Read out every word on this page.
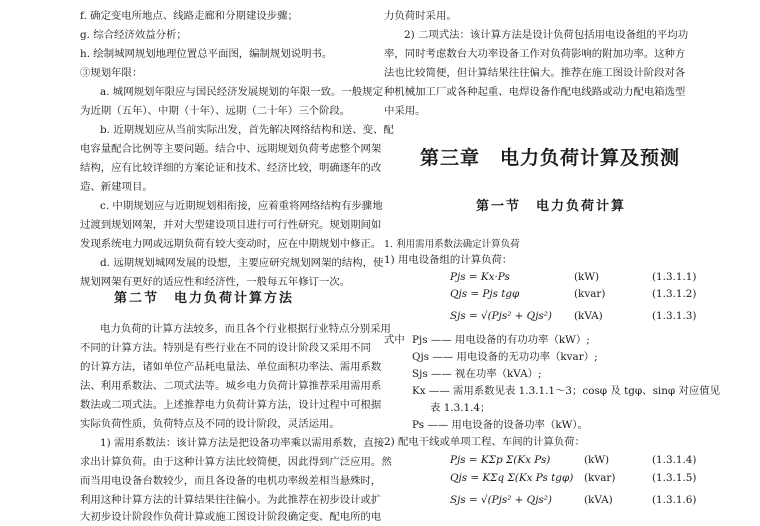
f. 确定变电所地点、线路走廊和分期建设步骤；
g. 综合经济效益分析；
h. 绘制城网规划地理位置总平面图，编制规划说明书。
③规划年限：
a. 城网规划年限应与国民经济发展规划的年限一致。一般规定
为近期（五年）、中期（十年）、远期（二十年）三个阶段。
b. 近期规划应从当前实际出发，首先解决网络结构和送、变、配
电容量配合比例等主要问题。结合中、远期规划负荷考虑整个网架
结构，应有比较详细的方案论证和技术、经济比较，明确逐年的改
造、新建项目。
c. 中期规划应与近期规划相衔接，应着重将网络结构有步骤地
过渡到规划网架，并对大型建设项目进行可行性研究。规划期间如
发现系统电力网或远期负荷有较大变动时，应在中期规划中修正。
d. 远期规划城网发展的设想，主要应研究规划网架的结构，使
规划网架有更好的适应性和经济性，一般每五年修订一次。
第二节　电力负荷计算方法
电力负荷的计算方法较多，而且各个行业根据行业特点分别采用
不同的计算方法。特别是有些行业在不同的设计阶段又采用不同
的计算方法，诸如单位产品耗电量法、单位面积功率法、需用系数
法、利用系数法、二项式法等。城乡电力负荷计算推荐采用需用系
数法或二项式法。上述推荐电力负荷计算方法，设计过程中可根据
实际负荷性质，负荷特点及不同的设计阶段，灵活运用。
1) 需用系数法：该计算方法是把设备功率乘以需用系数，直接
求出计算负荷。由于这种计算方法比较简便，因此得到广泛应用。然
而当用电设备台数较少，而且各设备的电机功率级差相当悬殊时，
利用这种计算方法的计算结果往往偏小。为此推荐在初步设计或扩
大初步设计阶段作负荷计算或施工图设计阶段确定变、配电所的电
力负荷时采用。
2) 二项式法：该计算方法是设计负荷包括用电设备组的平均功
率，同时考虑数台大功率设备工作对负荷影响的附加功率。这种方
法也比较简便，但计算结果往往偏大。推荐在施工图设计阶段对各
种机械加工厂或各种起重、电焊设备作配电线路或动力配电箱选型
中采用。
第三章　电力负荷计算及预测
第一节　电力负荷计算
1. 利用需用系数法确定计算负荷
1) 用电设备组的计算负荷：
Pjs = Kx·Ps	(kW)	(1.3.1.1)
Qjs = Pjs tgφ	(kvar)	(1.3.1.2)
Sjs = √(Pjs² + Qjs²) (kVA)	(1.3.1.3)
式中 Pjs —— 用电设备的有功功率（kW）;
Qjs —— 用电设备的无功功率（kvar）;
Sjs —— 视在功率（kVA）;
Kx —— 需用系数见表 1.3.1.1～3；cosφ 及 tgφ、sinφ 对应值见
表 1.3.1.4；
Ps —— 用电设备的设备功率（kW）。
2) 配电干线或单项工程、车间的计算负荷：
Pjs = KΣp Σ(Kx Ps)	(kW)	(1.3.1.4)
Qjs = KΣq Σ(Kx Ps tgφ) (kvar)	(1.3.1.5)
Sjs = √(Pjs² + Qjs²)	(kVA)	(1.3.1.6)
